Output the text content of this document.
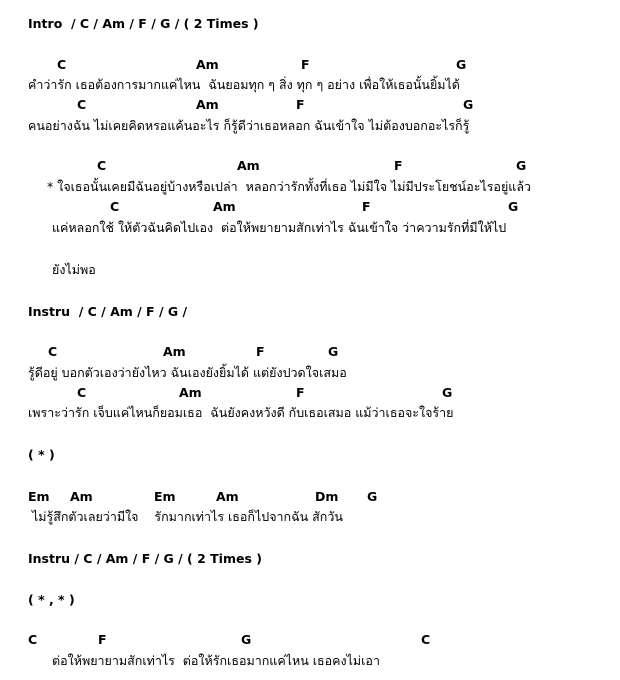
Intro  / C / Am / F / G / ( 2 Times )
C	Am	F	G
คำว่ารัก เธอต้องการมากแค่ไหน  ฉันยอมทุก ๆ สิ่ง ทุก ๆ อย่าง เพื่อให้เธอนั้นยิ้มได้
C	Am	F	G
คนอย่างฉัน ไม่เคยคิดหรอแค้นอะไร ก็รู้ดีว่าเธอหลอก ฉันเข้าใจ ไม่ต้องบอกอะไรก็รู้
C	Am	F	G
* ใจเธอนั้นเคยมีฉันอยู่บ้างหรือเปล่า  หลอกว่ารักทั้งที่เธอ ไม่มีใจ ไม่มีประโยชน์อะไรอยู่แล้ว
C	Am	F	G
แค่หลอกใช้ ให้ตัวฉันคิดไปเอง  ต่อให้พยายามสักเท่าไร ฉันเข้าใจ ว่าความรักที่มีให้ไป
ยังไม่พอ
Instru  / C / Am / F / G /
C	Am	F	G
รู้ดีอยู่ บอกตัวเองว่ายังไหว ฉันเองยังยิ้มได้ แต่ยังปวดใจเสมอ
C	Am	F	G
เพราะว่ารัก เจ็บแค่ไหนก็ยอมเธอ  ฉันยังคงหวังดี กับเธอเสมอ แม้ว่าเธอจะใจร้าย
( * )
Em Am	Em	Am	Dm G
ไม่รู้สึกตัวเลยว่ามีใจ    รักมากเท่าไร เธอก็ไปจากฉัน สักวัน
Instru / C / Am / F / G / ( 2 Times )
( * , * )
C	F	G	C
ต่อให้พยายามสักเท่าไร  ต่อให้รักเธอมากแค่ไหน เธอคงไม่เอา
